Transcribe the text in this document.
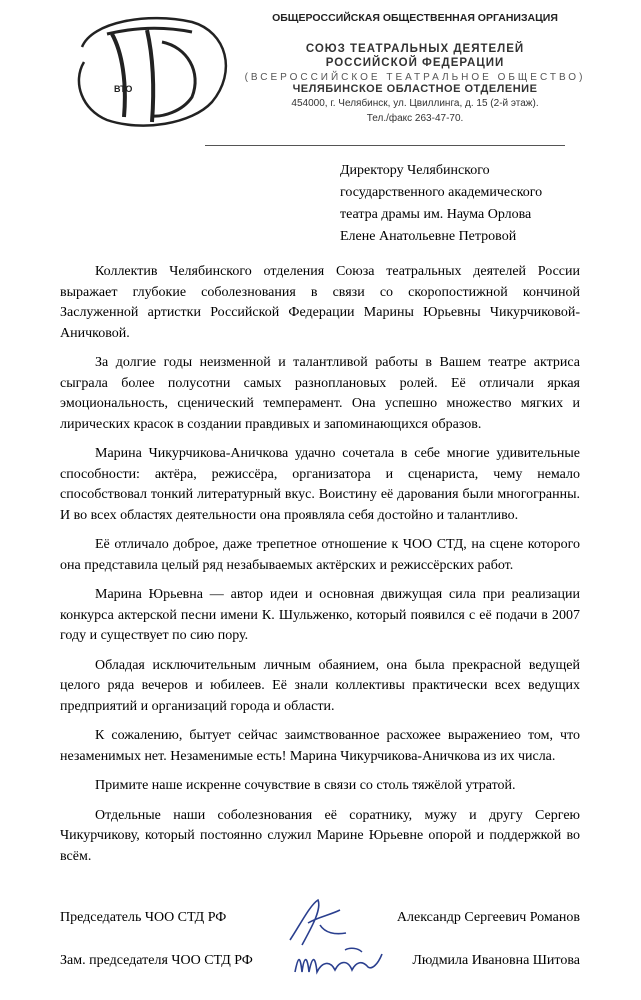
ВТО
ОБЩЕРОССИЙСКАЯ ОБЩЕСТВЕННАЯ ОРГАНИЗАЦИЯ
СОЮЗ ТЕАТРАЛЬНЫХ ДЕЯТЕЛЕЙ
РОССИЙСКОЙ ФЕДЕРАЦИИ
(ВСЕРОССИЙСКОЕ ТЕАТРАЛЬНОЕ ОБЩЕСТВО)
ЧЕЛЯБИНСКОЕ ОБЛАСТНОЕ ОТДЕЛЕНИЕ
454000, г. Челябинск, ул. Цвиллинга, д. 15 (2-й этаж).
Тел./факс 263-47-70.
Директору Челябинского
государственного академического
театра драмы им. Наума Орлова
Елене Анатольевне Петровой

Коллектив Челябинского отделения Союза театральных деятелей России выражает глубокие соболезнования в связи со скоропостижной кончиной Заслуженной артистки Российской Федерации Марины Юрьевны Чикурчиковой-Аничковой.

За долгие годы неизменной и талантливой работы в Вашем театре актриса сыграла более полусотни самых разноплановых ролей. Её отличали яркая эмоциональность, сценический темперамент. Она успешно множество мягких и лирических красок в создании правдивых и запоминающихся образов.

Марина Чикурчикова-Аничкова удачно сочетала в себе многие удивительные способности: актёра, режиссёра, организатора и сценариста, чему немало способствовал тонкий литературный вкус. Воистину её дарования были многогранны. И во всех областях деятельности она проявляла себя достойно и талантливо.

Её отличало доброе, даже трепетное отношение к ЧОО СТД, на сцене которого она представила целый ряд незабываемых актёрских и режиссёрских работ.

Марина Юрьевна — автор идеи и основная движущая сила при реализации конкурса актерской песни имени К. Шульженко, который появился с её подачи в 2007 году и существует по сию пору.

Обладая исключительным личным обаянием, она была прекрасной ведущей целого ряда вечеров и юбилеев. Её знали коллективы практически всех ведущих предприятий и организаций города и области.

К сожалению, бытует сейчас заимствованное расхожее выражениео том, что незаменимых нет. Незаменимые есть! Марина Чикурчикова-Аничкова из их числа.

Примите наше искренне сочувствие в связи со столь тяжёлой утратой.

Отдельные наши соболезнования её соратнику, мужу и другу Сергею Чикурчикову, который постоянно служил Марине Юрьевне опорой и поддержкой во всём.

Председатель ЧОО СТД РФ	Александр Сергеевич Романов
Зам. председателя ЧОО СТД РФ	Людмила Ивановна Шитова
